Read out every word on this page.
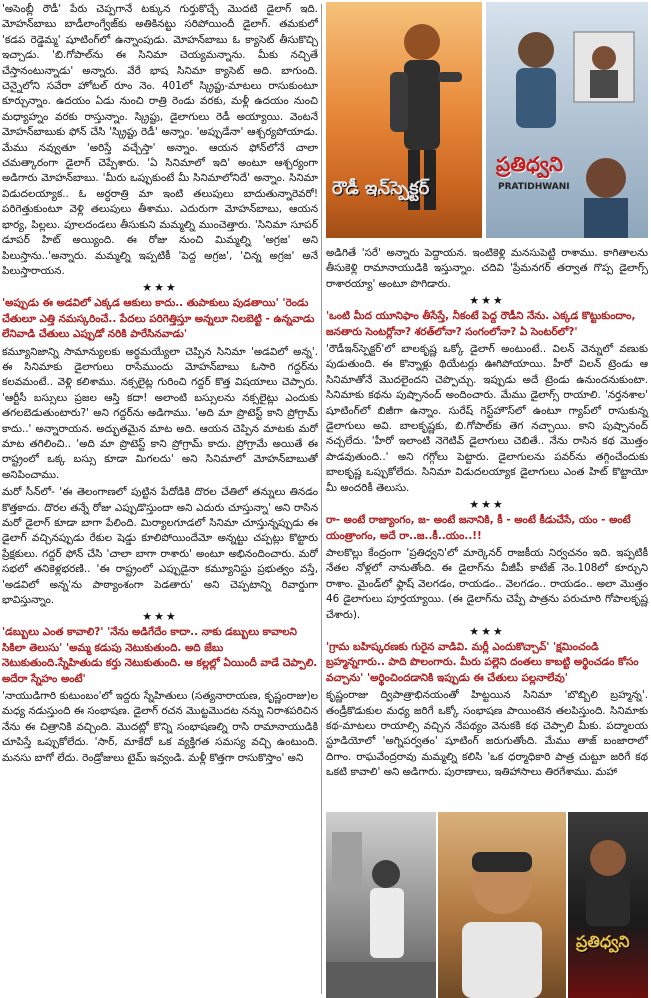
'అసెంబ్లీ రౌడీ' పేరు చెప్పగానే టక్కున గుర్తుకొచ్చే మొదటి డైలాగ్ ఇది. మోహన్‌బాబు బాడీలాంగ్వేజ్‌కు అతికినట్టు సరిపోయిందీ డైలాగ్. తమకులో 'కడప రెడ్డెమ్మ' షూటింగ్‌లో ఉన్నాంపుడు. మోహన్‌బాబు ఓ క్యాసెట్ తీసుకొచ్చి ఇచ్చాడు. 'బి.గోపాల్‌ను ఈ సినిమా చెయ్యమన్నాను. మీకు నచ్చితే చేస్తానంటున్నాడు' అన్నారు. వేరే భాష సినిమా క్యాసెట్ అది. బాగుంది. చెన్నైలోని సవేరా హోటల్ రూం నెం. 401లో స్క్రిప్టు-మాటలు రాసుకుంటూ కూర్చున్నాం. ఉదయం ఏడు నుంచి రాత్రి రెండు వరకు, మళ్లీ ఉదయం నుంచి మధ్యాహ్నం వరకు రాస్తున్నాం. స్క్రిప్టు, డైలాగులు రెడీ అయ్యాయి. వెంటనే మోహన్‌బాబుకు ఫోన్ చేసి 'స్క్రిప్టు రెడీ' అన్నాం. 'అప్పుడేనా' ఆశ్చర్యపోయాడు. మేము నవ్వుతూ 'అరిస్తే వచ్చేస్తా' అన్నాం. ఆయన ఫోన్‌లోనే చాలా చమత్కారంగా డైలాగ్ చెప్పేశారు. 'ఏ సినిమాలో ఇది' అంటూ ఆశ్చర్యంగా అడిగారు మోహన్‌బాబు. 'మీరు ఒప్పుకుంటే మీ సినిమాలోనిదే' అన్నాం. సినిమా విడుదలయ్యాక.. ఓ అర్ధరాత్రి మా ఇంటి తలుపులు బాదుతున్నారెవరో! పరిగెత్తుకుంటూ వెళ్లి తలుపులు తీశాము. ఎదురుగా మోహన్‌బాబు, ఆయన భార్య, పిల్లలు. పూలదండలు తీసుకుని మమ్మల్ని ముంచెత్తారు. 'సినిమా సూపర్ డూపర్ హిట్ అయ్యింది. ఈ రోజు నుంచి మిమ్మల్ని 'అగ్రజ' అని పిలుస్తాను..'అన్నారు. మమ్మల్ని ఇప్పటికీ 'పెద్ద అగ్రజ', 'చిన్న అగ్రజ' అనే పిలుస్తారాయన.

★★★

'అప్పుడు ఈ అడవిలో ఎక్కడ ఆకులు కాదు.. తుపాకులు పుడతాయి' 'రెండు చేతులూ ఎత్తి నమస్కరించే.. పేదలు పరిగెత్తిస్తూ అన్నలూ నిలబెట్టి - ఉన్నవాడు లేనివాడి చేతులు ఎప్పుడో నరికి పారేసినవాడు'

కమ్యూనిజాన్ని సామాన్యులకు అర్థమయ్యేలా చెప్పిన సినిమా 'అడవిలో అన్న'. ఈ సినిమాకు డైలాగులు రాసేముందు మోహన్‌బాబు ఓసారి గద్దర్‌ను కలవమంటే.. వెళ్లి కలిశాము. నక్సలైట్ల గురించి గద్దర్ కొత్త విషయాలు చెప్పారు. 'ఆర్టీసీ బస్సులు ప్రజల ఆస్తి కదా! అలాంటి బస్సులను నక్సలైట్లు ఎందుకు తగలబెడుతుంటారు?' అని గద్దర్‌ను అడిగాము. 'అది మా ప్రొటెస్ట్ కాని ప్రోగ్రామ్ కాదు..' అన్నారాయన. అద్భుతమైన మాట అది. ఆయన చెప్పిన మాటకు మరో మాట తగిలించి.. 'అది మా ప్రొటెస్ట్ కాని ప్రోగ్రామ్ కాదు. ప్రోగ్రామే అయితే ఈ రాష్ట్రంలో ఒక్క బస్సు కూడా మిగలదు' అని సినిమాలో మోహన్‌బాబుతో అనిపించాము.

మరో సీన్‌లో- 'ఈ తెలంగాణలో పుట్టిన పేదోడికి దొరల చేతిలో తన్నులు తినడం కొత్తకాదు. దొరల తన్నే రోజు ఎప్పుడొస్తుందా అని ఎదురు చూస్తున్నా' అని రాసిన మరో డైలాగ్ కూడా బాగా పేలింది. మిర్యాలగూడలో సినిమా చూస్తున్నప్పుడు ఈ డైలాగ్ వచ్చినప్పుడు రేకుల షెడ్డు కూలిపోయిందేమో అన్నట్టు చప్పట్లు కొట్టారు ప్రేక్షకులు. గద్దర్ ఫోన్ చేసి 'చాలా బాగా రాశారు' అంటూ అభినందించారు. మరో సభలో తనికెళ్లభరణి.. 'ఈ రాష్ట్రంలో ఎప్పుడైనా కమ్యూనిస్టు ప్రభుత్వం వస్తే, 'అడవిలో అన్న'ను పాఠ్యాంశంగా పెడతారు' అని చెప్పటాన్ని రివార్డుగా భావిస్తున్నాం.

★★★

'డబ్బులు ఎంత కావాలి?' 'నేను అడిగేదేం కాదా.. నాకు డబ్బులు కావాలని సికిలా తెలుసు' 'అమ్మ కడుపు నెటుకుతుంది. అది జేబు నెటుకుతుంది.స్నేహితుడు కర్తు నెటుకుతుంది. ఆ కల్లల్లో ఏయిందీ వాడే చెప్పాలి. అదేరా స్నేహం అంటే'

'నాయుడిగారి కుటుంబం'లో ఇద్దరు స్నేహితులు (సత్యనారాయణ, కృష్ణంరాజు)ల మధ్య నడుస్తుంది ఈ సంభాషణ. డైలాగ్ రచన మొట్టమొదట నన్ను నిరాశపరిచిన నేను ఈ చిత్రానికి వచ్చింది. మొదట్లో కొన్ని సంభాషణల్ని రాసి రామానాయుడికి చూపిస్తే ఒప్పుకోలేదు. 'సార్, మాకేదో ఒక వ్యక్తిగత సమస్య వచ్చి ఉంటుంది. మనసు బాగో లేదు. రెండ్రోజులు టైమ్ ఇవ్వండి. మళ్లీ కొత్తగా రాసుకొస్తాం' అని

రౌడీ ఇన్‌స్పెక్టర్
ప్రతిధ్వని
PRATIDHWANI

అడిగితే 'సరే' అన్నారు పెద్దాయన. ఇంటికెళ్లి మనసుపెట్టి రాశాము. కాగితాలను తీసుకెళ్లి రామానాయుడికి ఇస్తున్నాం. చదివి 'ప్రేమనగర్ తర్వాత గొప్ప డైలాగ్స్ రాశారయ్యా' అంటూ పొగిడారు.

★★★

'ఒంటి మీద యూనిఫాం తీసేస్తే, నీకంటే పెద్ద రౌడీని నేను. ఎక్కడ కొట్టుకుందాం, జనతారు సెంటర్లోనా? శరత్‌లోనా? సంగంలోనా? ఏ సెంటర్‌లో?'

'రౌడీఇన్‌స్పెక్టర్'లో బాలకృష్ణ ఒక్కో డైలాగ్ అంటుంటే.. విలన్ వెన్నులో వణుకు పుడుతుంది. ఈ కొన్నాళ్లు థియేటర్లు ఊగిపోయాయి. హీరో విలన్‌ ట్రెండు ఆ సినిమాతోనే మొదలైందని చెప్పొచ్చు. ఇప్పుడు అదే ట్రెండు ఉనుందనుకుంటా. సినిమాకు కథను పుష్పానంద్ అందించారు. మేము డైలాగ్స్ రాయాలి. 'నర్తనశాల' షూటింగ్‌లో బిజీగా ఉన్నాం. సురేష్ గెస్ట్‌హౌస్‌లో ఉంటూ గ్యాప్‌లో రాసుకున్న డైలాగులు అవి. బాలకృష్ణకు, బి.గోపాల్‌కు తెగ నచ్చాయి. కాని పుష్పానంద్ నచ్చలేదు. 'హీరో ఇలాంటి నెగెటివ్ డైలాగులు చెబితే.. నేను రాసిన కథ మొత్తం పాడవుతుంది..' అని గగ్గోలు పెట్టారు. డైలాగులను పవర్‌ను తగ్గించేందుకు బాలకృష్ణ ఒప్పుకోలేదు. సినిమా విడుదలయ్యాక డైలాగులు ఎంత హిట్ కొట్టాయో మీ అందరికీ తెలుసు.

★★★

రా- అంటే రాజ్యాంగం, జ- అంటే జనానికి, కీ - అంటే కీడుచేసే, యం - అంటే యంత్రాంగం, అదే రా..జ..కీ..యం..!!

పాలకొల్లు కేంద్రంగా 'ప్రతిధ్వని'లో మార్కెనర్ రాజకీయ నిర్వచనం ఇది. ఇప్పటికీ నేతల నోళ్లలో నానుతోంది. ఈ డైలాగ్‌ను వీజీపీ కాటేజ్ నెం.108లో కూర్చుని రాశాం. మైండ్‌లో ఫ్లాష్ వెలగడం, రాయడం.. వెలగడం.. రాయడం.. అలా మొత్తం 46 డైలాగులు పూర్తయ్యాయి. (ఈ డైలాగ్‌ను చెప్పే పాత్రను పరుచూరి గోపాలకృష్ణ చేశారు).

★★★

'గ్రామ బహిష్కరణకు గురైన వాడివి. మర్లీ ఎందుకొచ్చావ్' 'క్షమించండి బ్రహ్మన్నగారు.. పాది పొలంగారు. మీరు పల్లెని దంతలు కాబట్టి అర్థించడం కోసం వచ్చాను' 'అర్థించిందడానికి ఇప్పుడు ఈ చేతులు పల్లనాలేవు'

కృష్ణంరాజు ద్విపాత్రాభినయంతో హిట్టయిన సినిమా 'బొబ్బిలి బ్రహ్మన్న'. తండ్రీకొడుకుల మధ్య జరిగే ఒక్కో సంభాషణ పాయింటెన తలపిస్తుంది. సినిమాకు కథ-మాటలు రాయాల్సి వచ్చిన నేపథ్యం వెనుకకి కథ చెప్పాలి మీకు. పద్మాలయ స్టూడియోలో 'అగ్నిపర్వతం' షూటింగ్ జరుగుతోంది. మేము తాజ్ బంజారాలో దిగాం. రాఘవేంద్రరావు మమ్మల్ని కలిసి 'ఒక ధర్మాధికారి పాత్ర చుట్టూ జరిగే కథ ఒకటి కావాలి' అని అడిగారు. పురాణాలు, ఇతిహాసాలు తిరగేశాము. మహా

ప్రతిధ్వని
